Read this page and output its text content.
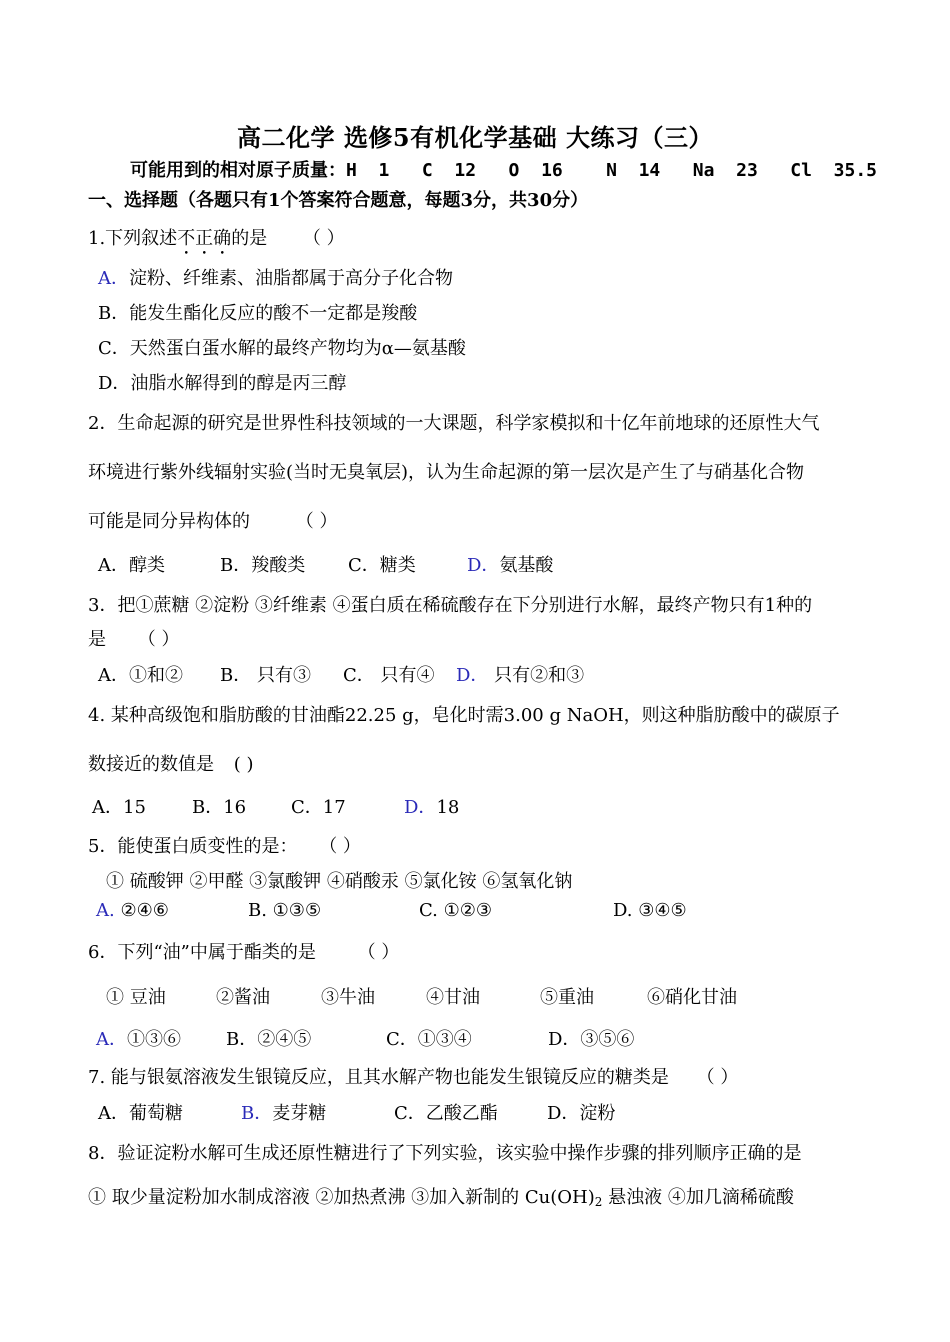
高二化学 选修5有机化学基础 大练习（三）
可能用到的相对原子质量：H  1   C  12   O  16    N  14   Na  23   Cl  35.5
一、选择题（各题只有1个答案符合题意，每题3分，共30分）
1.下列叙述不正确的是 （ ）
A．淀粉、纤维素、油脂都属于高分子化合物
B．能发生酯化反应的酸不一定都是羧酸
C．天然蛋白蛋水解的最终产物均为α—氨基酸
D．油脂水解得到的醇是丙三醇
2．生命起源的研究是世界性科技领域的一大课题，科学家模拟和十亿年前地球的还原性大气
环境进行紫外线辐射实验(当时无臭氧层)，认为生命起源的第一层次是产生了与硝基化合物
可能是同分异构体的	（ ）
A．醇类	B．羧酸类 C．糖类	D．氨基酸
3．把①蔗糖 ②淀粉 ③纤维素 ④蛋白质在稀硫酸存在下分别进行水解，最终产物只有1种的
是 （ ）
A．①和② B． 只有③ C． 只有④ D． 只有②和③
4. 某种高级饱和脂肪酸的甘油酯22.25 g，皂化时需3.00 g NaOH，则这种脂肪酸中的碳原子
数接近的数值是 ( )
A．15	B．16 C．17	D．18
5．能使蛋白质变性的是： （ ）
① 硫酸钾 ②甲醛 ③氯酸钾 ④硝酸汞 ⑤氯化铵 ⑥氢氧化钠
A. ②④⑥	B. ①③⑤	C. ①②③	D. ③④⑤
6．下列“油”中属于酯类的是 （ ）
① 豆油	②酱油	③牛油	④甘油	⑤重油	⑥硝化甘油
A．①③⑥	B．②④⑤	C．①③④	D．③⑤⑥
7. 能与银氨溶液发生银镜反应，且其水解产物也能发生银镜反应的糖类是 （ ）
A．葡萄糖	B．麦芽糖	C．乙酸乙酯	D．淀粉
8．验证淀粉水解可生成还原性糖进行了下列实验，该实验中操作步骤的排列顺序正确的是
① 取少量淀粉加水制成溶液 ②加热煮沸 ③加入新制的 $Cu(OH)_2$ 悬浊液 ④加几滴稀硫酸
